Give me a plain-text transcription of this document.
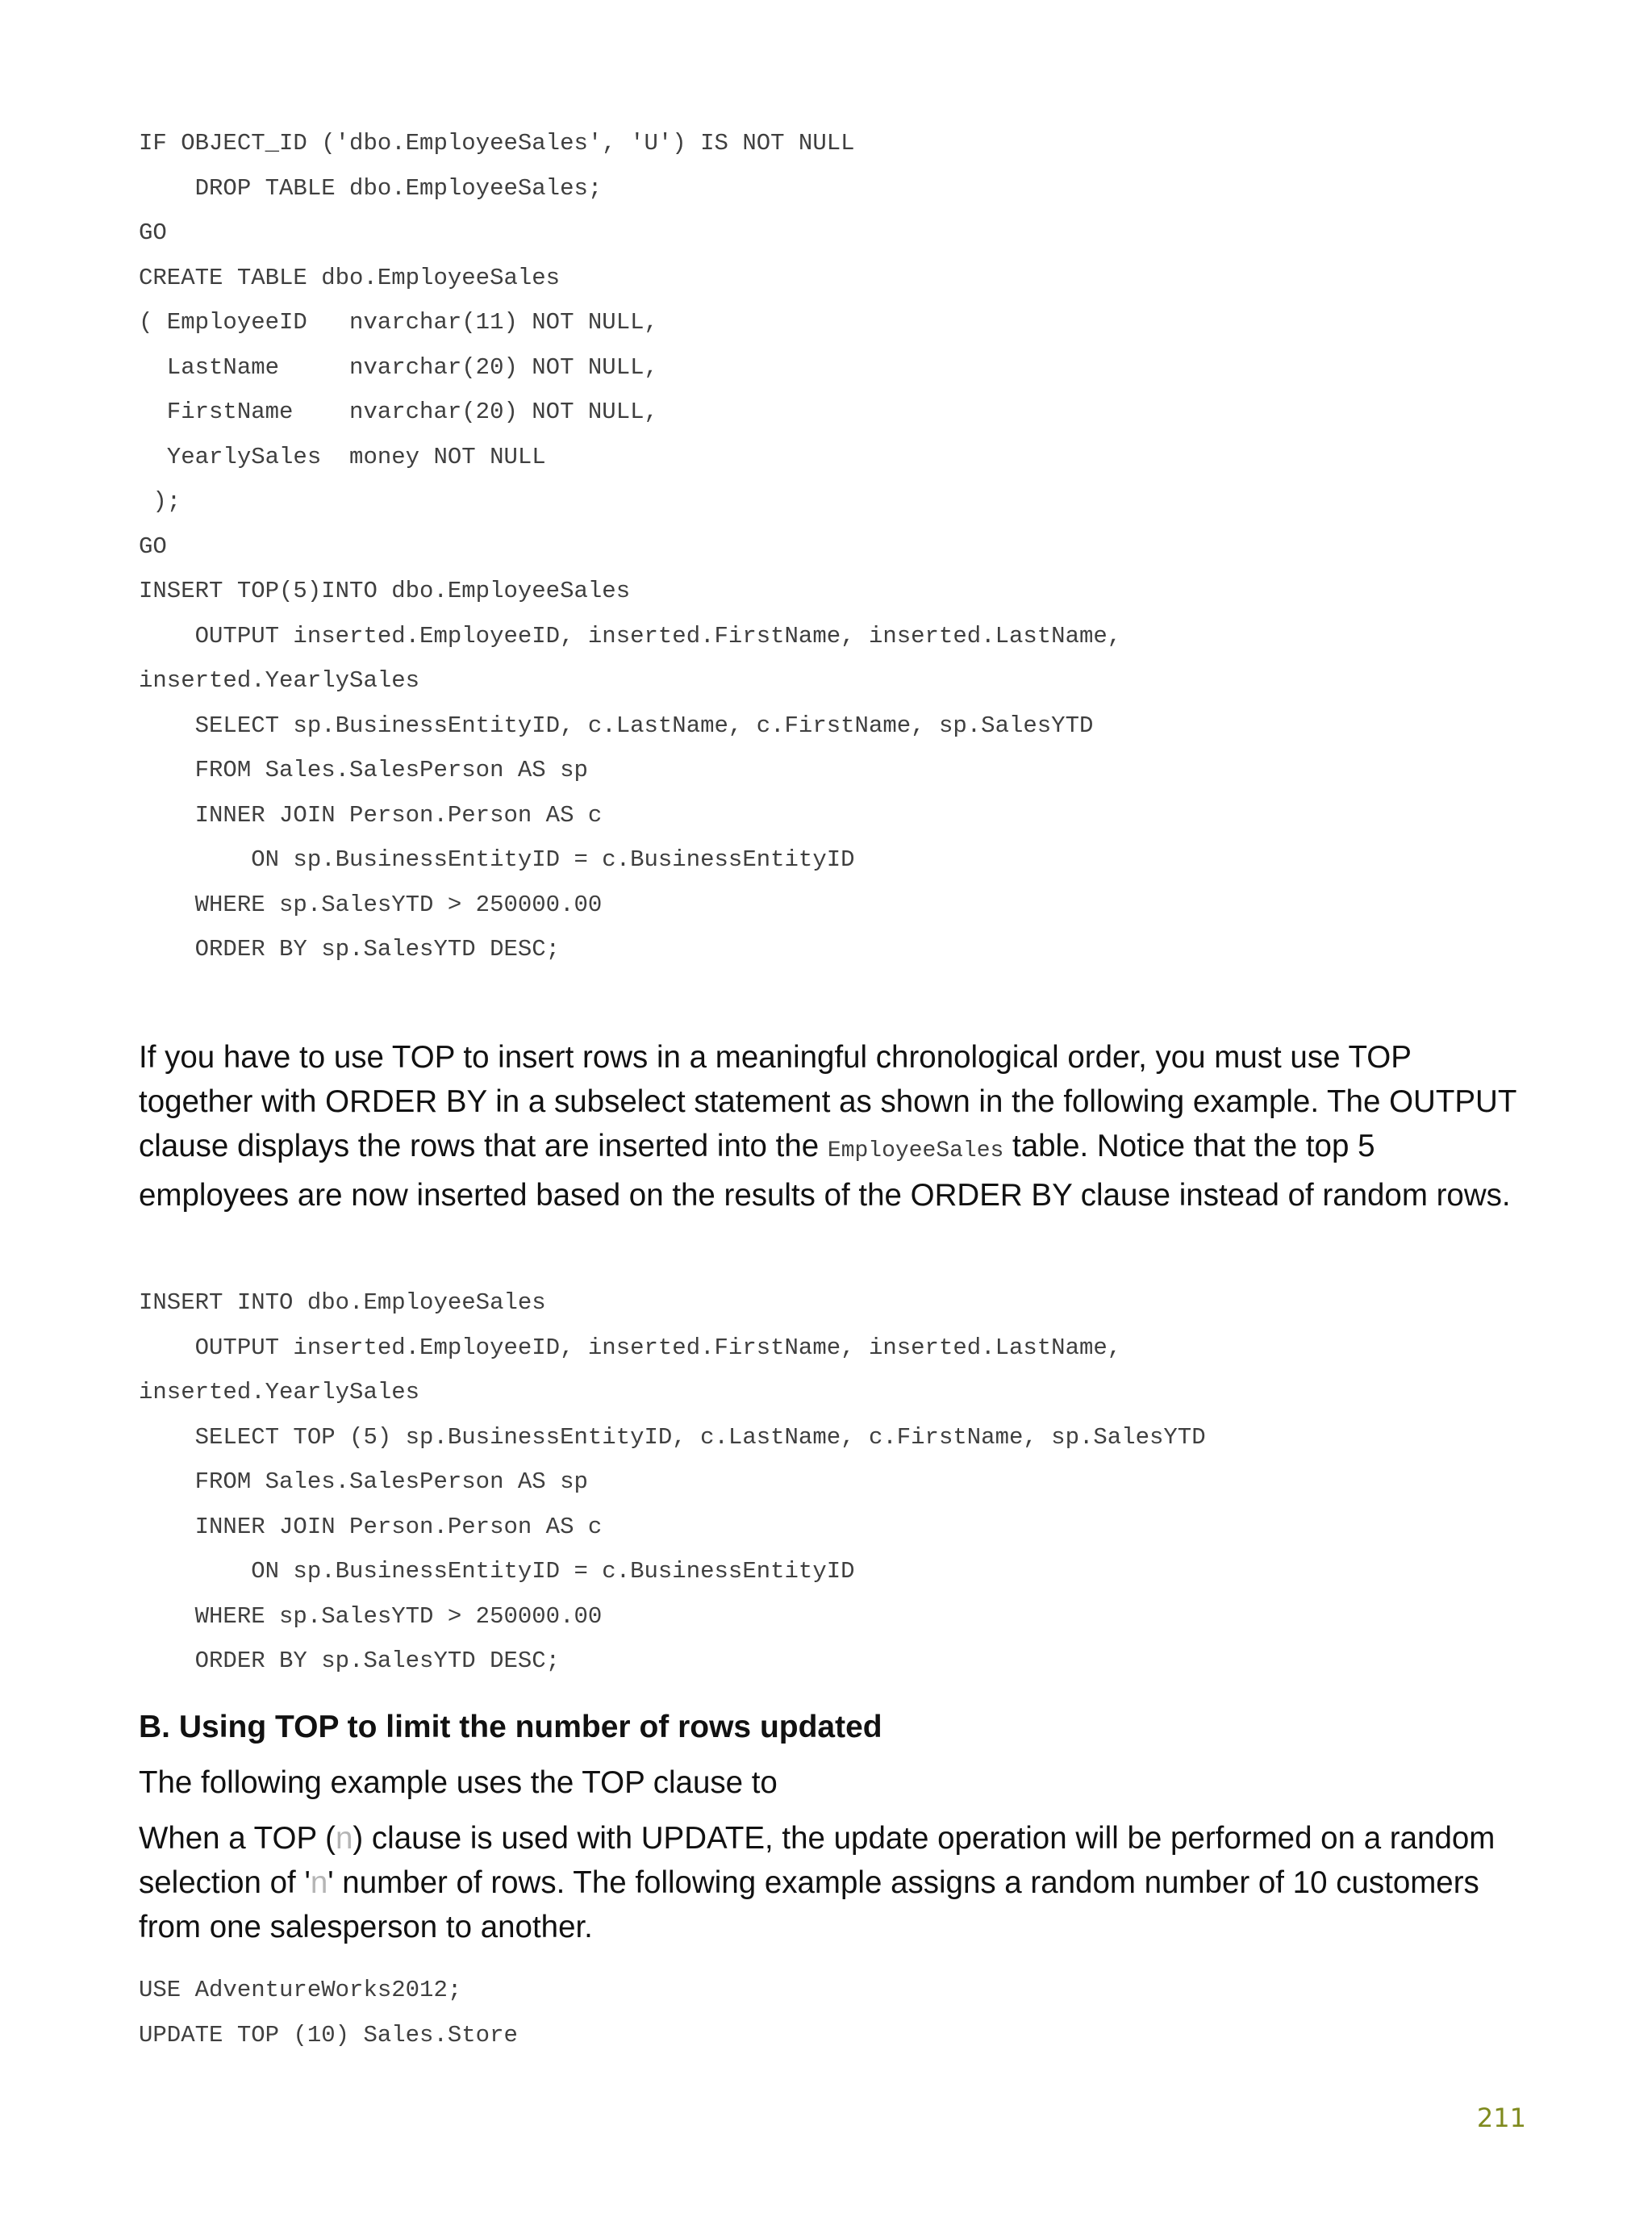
IF OBJECT_ID ('dbo.EmployeeSales', 'U') IS NOT NULL
DROP TABLE dbo.EmployeeSales;
GO
CREATE TABLE dbo.EmployeeSales
( EmployeeID   nvarchar(11) NOT NULL,
LastName     nvarchar(20) NOT NULL,
FirstName    nvarchar(20) NOT NULL,
YearlySales  money NOT NULL
);
GO
INSERT TOP(5)INTO dbo.EmployeeSales
OUTPUT inserted.EmployeeID, inserted.FirstName, inserted.LastName,
inserted.YearlySales
SELECT sp.BusinessEntityID, c.LastName, c.FirstName, sp.SalesYTD
FROM Sales.SalesPerson AS sp
INNER JOIN Person.Person AS c
ON sp.BusinessEntityID = c.BusinessEntityID
WHERE sp.SalesYTD > 250000.00
ORDER BY sp.SalesYTD DESC;

If you have to use TOP to insert rows in a meaningful chronological order, you must use TOP together with ORDER BY in a subselect statement as shown in the following example. The OUTPUT clause displays the rows that are inserted into the EmployeeSales table. Notice that the top 5 employees are now inserted based on the results of the ORDER BY clause instead of random rows.

INSERT INTO dbo.EmployeeSales
OUTPUT inserted.EmployeeID, inserted.FirstName, inserted.LastName,
inserted.YearlySales
SELECT TOP (5) sp.BusinessEntityID, c.LastName, c.FirstName, sp.SalesYTD
FROM Sales.SalesPerson AS sp
INNER JOIN Person.Person AS c
ON sp.BusinessEntityID = c.BusinessEntityID
WHERE sp.SalesYTD > 250000.00
ORDER BY sp.SalesYTD DESC;
B. Using TOP to limit the number of rows updated

The following example uses the TOP clause to

When a TOP (n) clause is used with UPDATE, the update operation will be performed on a random selection of 'n' number of rows. The following example assigns a random number of 10 customers from one salesperson to another.

USE AdventureWorks2012;
UPDATE TOP (10) Sales.Store
211
